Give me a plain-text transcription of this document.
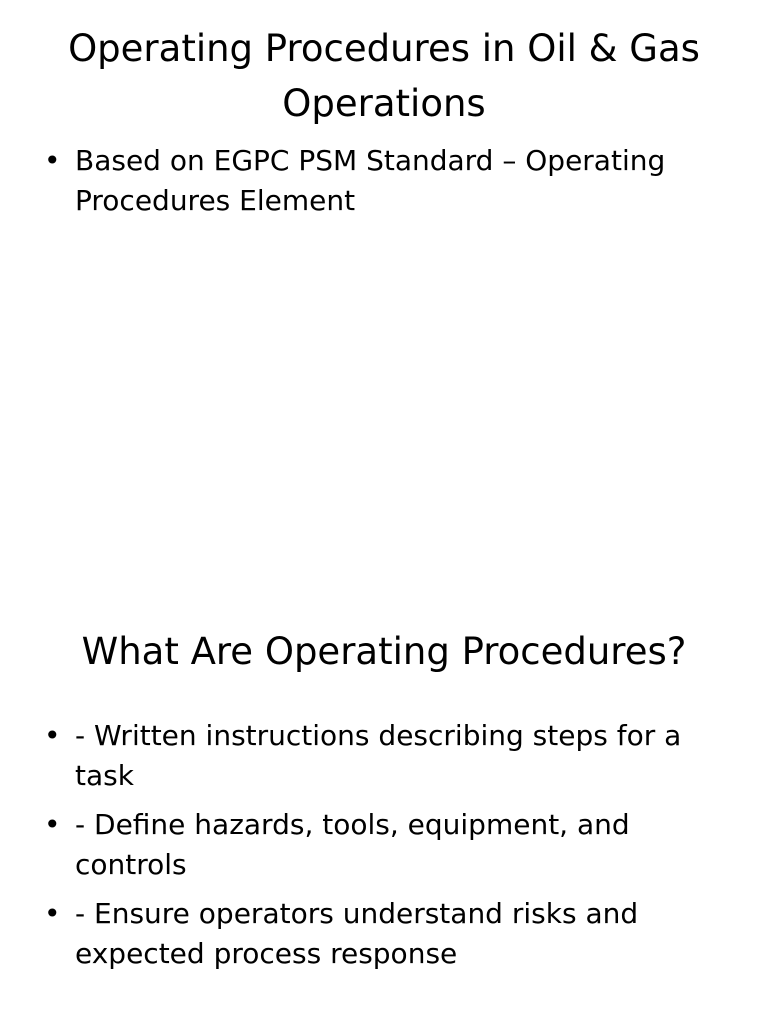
Operating Procedures in Oil & Gas Operations
• Based on EGPC PSM Standard – Operating Procedures Element
What Are Operating Procedures?
• - Written instructions describing steps for a task
• - Define hazards, tools, equipment, and controls
• - Ensure operators understand risks and expected process response
